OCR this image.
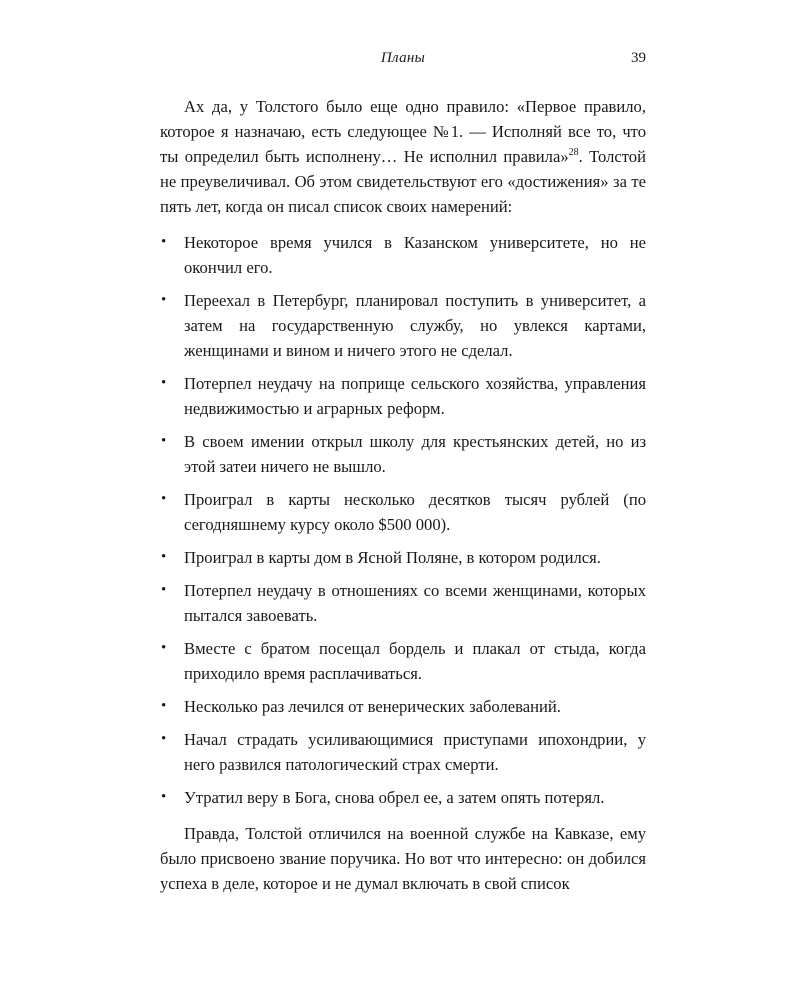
Планы	39

Ах да, у Толстого было еще одно правило: «Первое правило, которое я назначаю, есть следующее №1. — Исполняй все то, что ты определил быть исполнену… Не исполнил правила»$^{28}$. Толстой не преувеличивал. Об этом свидетельствуют его «достижения» за те пять лет, когда он писал список своих намерений:

• Некоторое время учился в Казанском университете, но не окончил его.
• Переехал в Петербург, планировал поступить в университет, а затем на государственную службу, но увлекся картами, женщинами и вином и ничего этого не сделал.
• Потерпел неудачу на поприще сельского хозяйства, управления недвижимостью и аграрных реформ.
• В своем имении открыл школу для крестьянских детей, но из этой затеи ничего не вышло.
• Проиграл в карты несколько десятков тысяч рублей (по сегодняшнему курсу около $500 000).
• Проиграл в карты дом в Ясной Поляне, в котором родился.
• Потерпел неудачу в отношениях со всеми женщинами, которых пытался завоевать.
• Вместе с братом посещал бордель и плакал от стыда, когда приходило время расплачиваться.
• Несколько раз лечился от венерических заболеваний.
• Начал страдать усиливающимися приступами ипохондрии, у него развился патологический страх смерти.
• Утратил веру в Бога, снова обрел ее, а затем опять потерял.

Правда, Толстой отличился на военной службе на Кавказе, ему было присвоено звание поручика. Но вот что интересно: он добился успеха в деле, которое и не думал включать в свой список
